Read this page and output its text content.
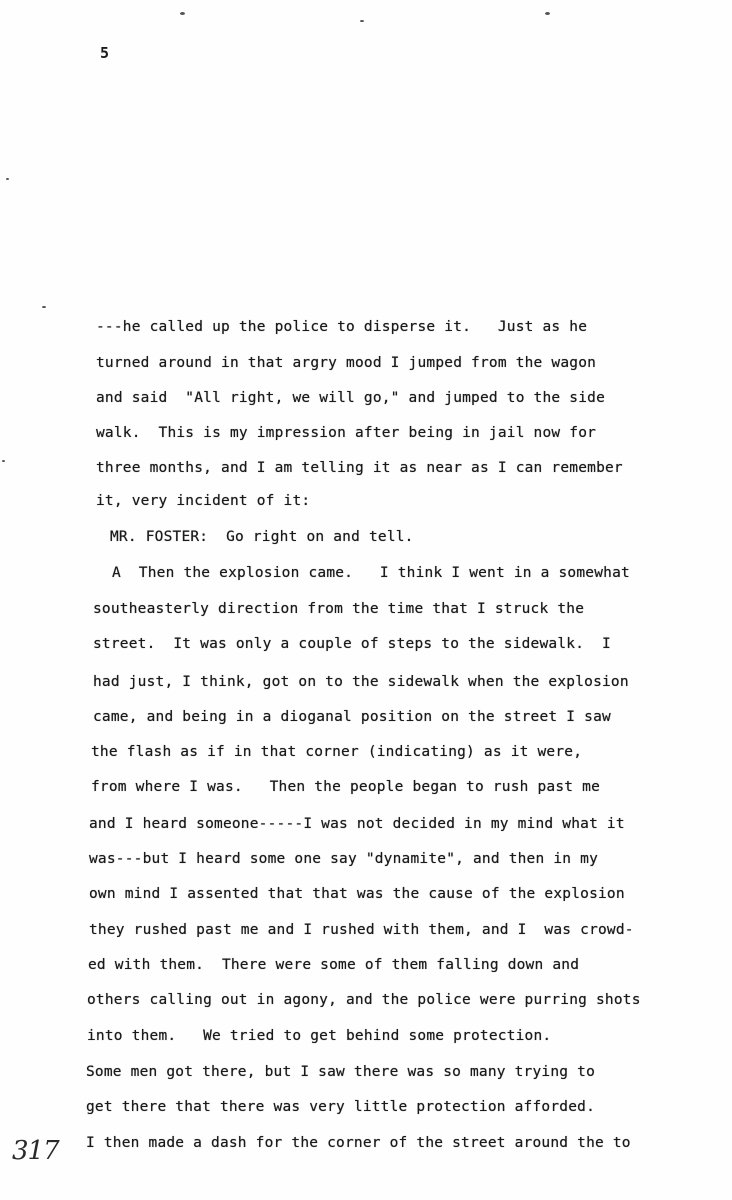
5
---he called up the police to disperse it.   Just as he
turned around in that argry mood I jumped from the wagon
and said  "All right, we will go," and jumped to the side
walk.  This is my impression after being in jail now for
three months, and I am telling it as near as I can remember
it, very incident of it:
MR. FOSTER:  Go right on and tell.
A  Then the explosion came.   I think I went in a somewhat
southeasterly direction from the time that I struck the
street.  It was only a couple of steps to the sidewalk.  I
had just, I think, got on to the sidewalk when the explosion
came, and being in a dioganal position on the street I saw
the flash as if in that corner (indicating) as it were,
from where I was.   Then the people began to rush past me
and I heard someone-----I was not decided in my mind what it
was---but I heard some one say "dynamite", and then in my
own mind I assented that that was the cause of the explosion
they rushed past me and I rushed with them, and I  was crowd-
ed with them.  There were some of them falling down and
others calling out in agony, and the police were purring shots
into them.   We tried to get behind some protection.
Some men got there, but I saw there was so many trying to
get there that there was very little protection afforded.
I then made a dash for the corner of the street around the to
317
